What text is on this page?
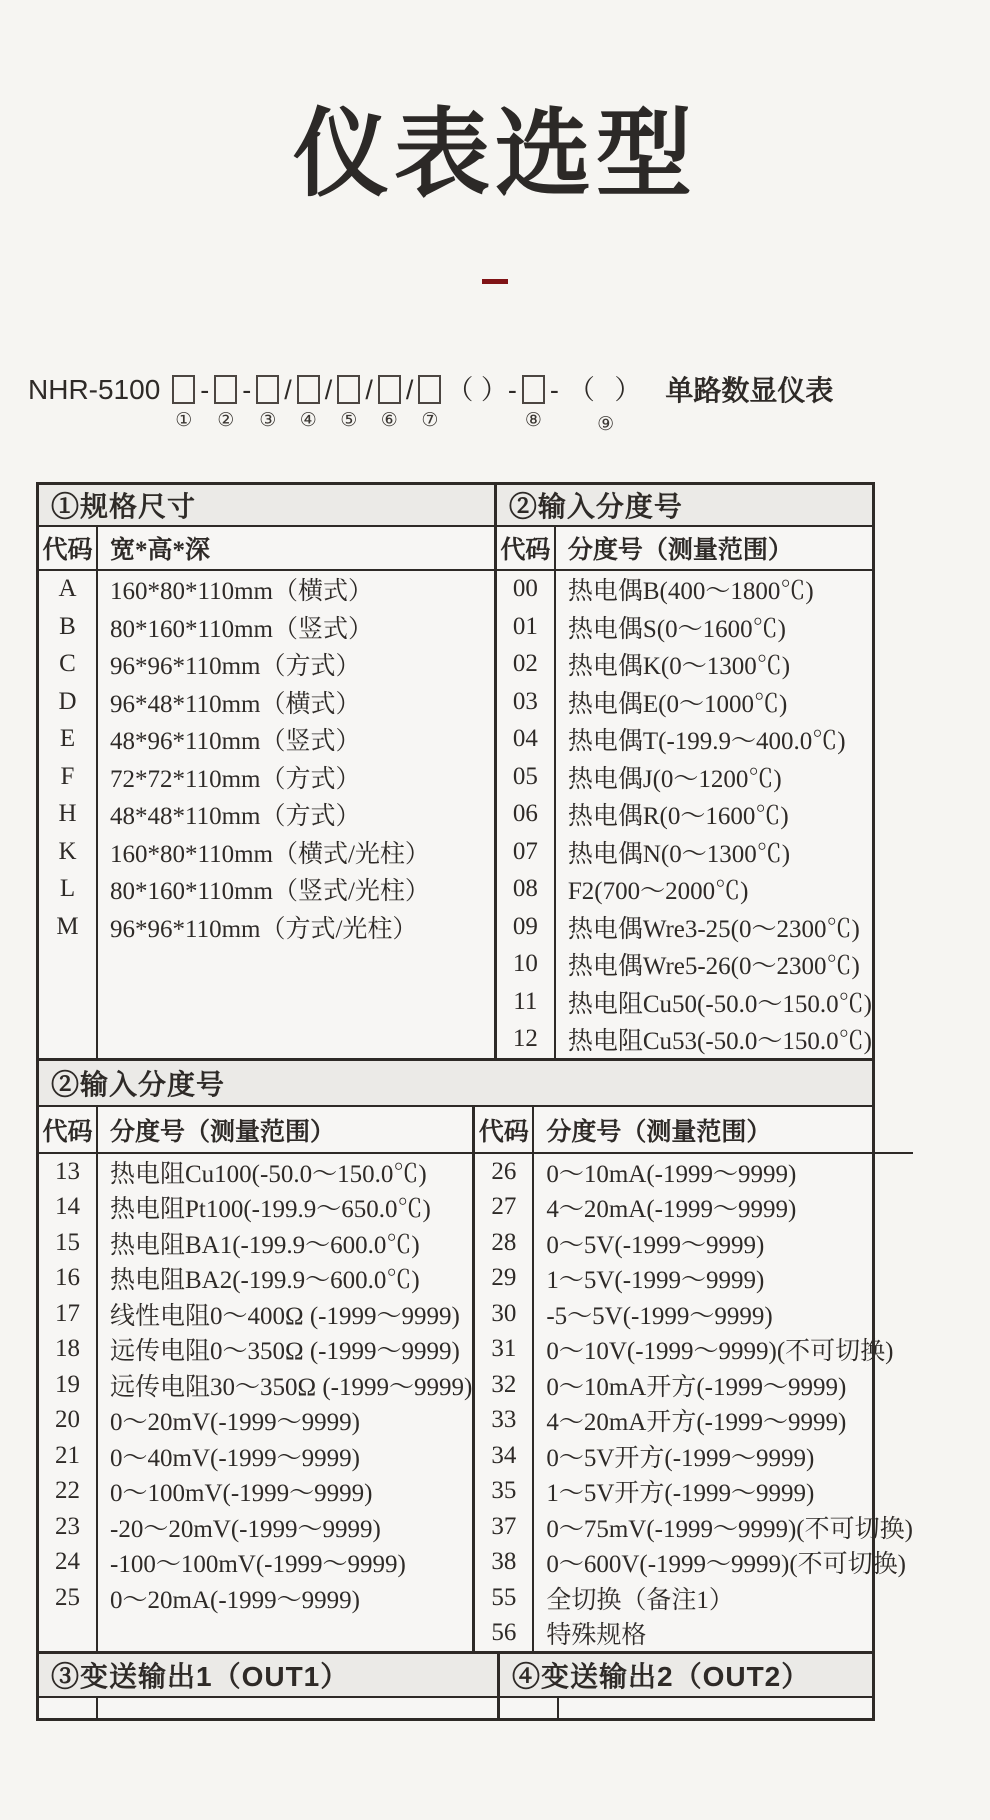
仪表选型
NHR-5100
①
-
②
-
③
/
④
/
⑤
/
⑥
/
⑦
（ ）-
⑧
- （ ）
⑨
单路数显仪表
①规格尺寸
代码 宽*高*深
A	160*80*110mm（横式）
B	80*160*110mm（竖式）
C	96*96*110mm（方式）
D	96*48*110mm（横式）
E	48*96*110mm（竖式）
F	72*72*110mm（方式）
H	48*48*110mm（方式）
K	160*80*110mm（横式/光柱）
L	80*160*110mm（竖式/光柱）
M	96*96*110mm（方式/光柱）
②输入分度号
代码 分度号（测量范围）
00	热电偶B(400～1800℃)
01	热电偶S(0～1600℃)
02	热电偶K(0～1300℃)
03	热电偶E(0～1000℃)
04	热电偶T(-199.9～400.0℃)
05	热电偶J(0～1200℃)
06	热电偶R(0～1600℃)
07	热电偶N(0～1300℃)
08	F2(700～2000℃)
09	热电偶Wre3-25(0～2300℃)
10	热电偶Wre5-26(0～2300℃)
11	热电阻Cu50(-50.0～150.0℃)
12	热电阻Cu53(-50.0～150.0℃)
②输入分度号
代码 分度号（测量范围）
13	热电阻Cu100(-50.0～150.0℃)
14	热电阻Pt100(-199.9～650.0℃)
15	热电阻BA1(-199.9～600.0℃)
16	热电阻BA2(-199.9～600.0℃)
17	线性电阻0～400Ω (-1999～9999)
18	远传电阻0～350Ω (-1999～9999)
19	远传电阻30～350Ω (-1999～9999)
20	0～20mV(-1999～9999)
21	0～40mV(-1999～9999)
22	0～100mV(-1999～9999)
23	-20～20mV(-1999～9999)
24	-100～100mV(-1999～9999)
25	0～20mA(-1999～9999)
代码 分度号（测量范围）
26	0～10mA(-1999～9999)
27	4～20mA(-1999～9999)
28	0～5V(-1999～9999)
29	1～5V(-1999～9999)
30	-5～5V(-1999～9999)
31	0～10V(-1999～9999)(不可切换)
32	0～10mA开方(-1999～9999)
33	4～20mA开方(-1999～9999)
34	0～5V开方(-1999～9999)
35	1～5V开方(-1999～9999)
37	0～75mV(-1999～9999)(不可切换)
38	0～600V(-1999～9999)(不可切换)
55	全切换（备注1）
56	特殊规格
③变送输出1（OUT1）	④变送输出2（OUT2）
